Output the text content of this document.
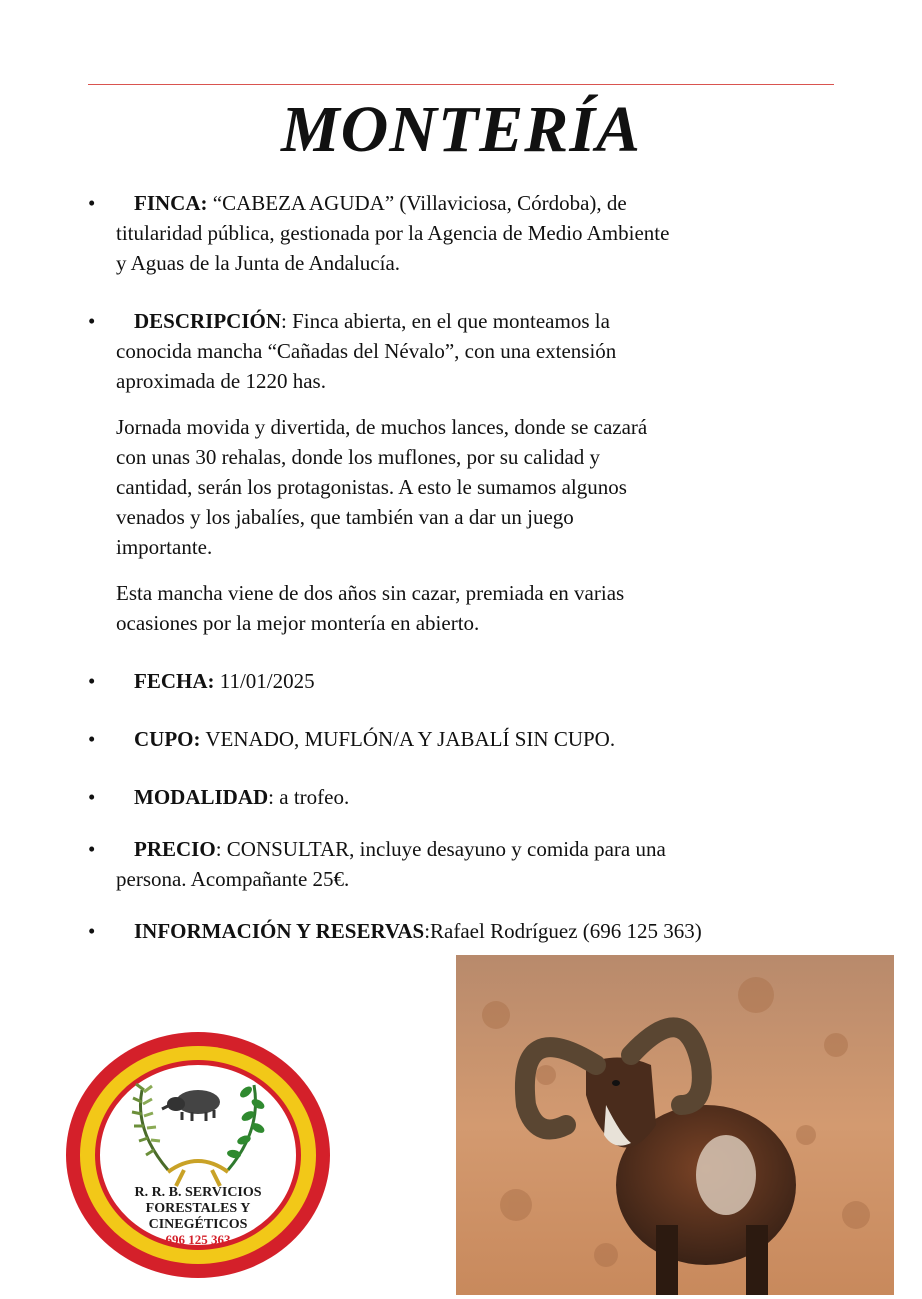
MONTERÍA
•	FINCA: “CABEZA AGUDA” (Villaviciosa, Córdoba), de
titularidad pública, gestionada por la Agencia de Medio Ambiente
y Aguas de la Junta de Andalucía.
•	DESCRIPCIÓN: Finca abierta, en el que monteamos la
conocida mancha “Cañadas del Névalo”, con una extensión
aproximada de 1220 has.
Jornada movida y divertida, de muchos lances, donde se cazará
con unas 30 rehalas, donde los muflones, por su calidad y
cantidad, serán los protagonistas. A esto le sumamos algunos
venados y los jabalíes, que también van a dar un juego
importante.
Esta mancha viene de dos años sin cazar, premiada en varias
ocasiones por la mejor montería en abierto.
•	FECHA: 11/01/2025
•	CUPO: VENADO, MUFLÓN/A Y JABALÍ SIN CUPO.
•	MODALIDAD: a trofeo.
•	PRECIO: CONSULTAR, incluye desayuno y comida para una
persona. Acompañante 25€.
•	INFORMACIÓN Y RESERVAS:Rafael Rodríguez (696 125 363)
R. R. B. SERVICIOS
FORESTALES Y
CINEGÉTICOS
696 125 363
